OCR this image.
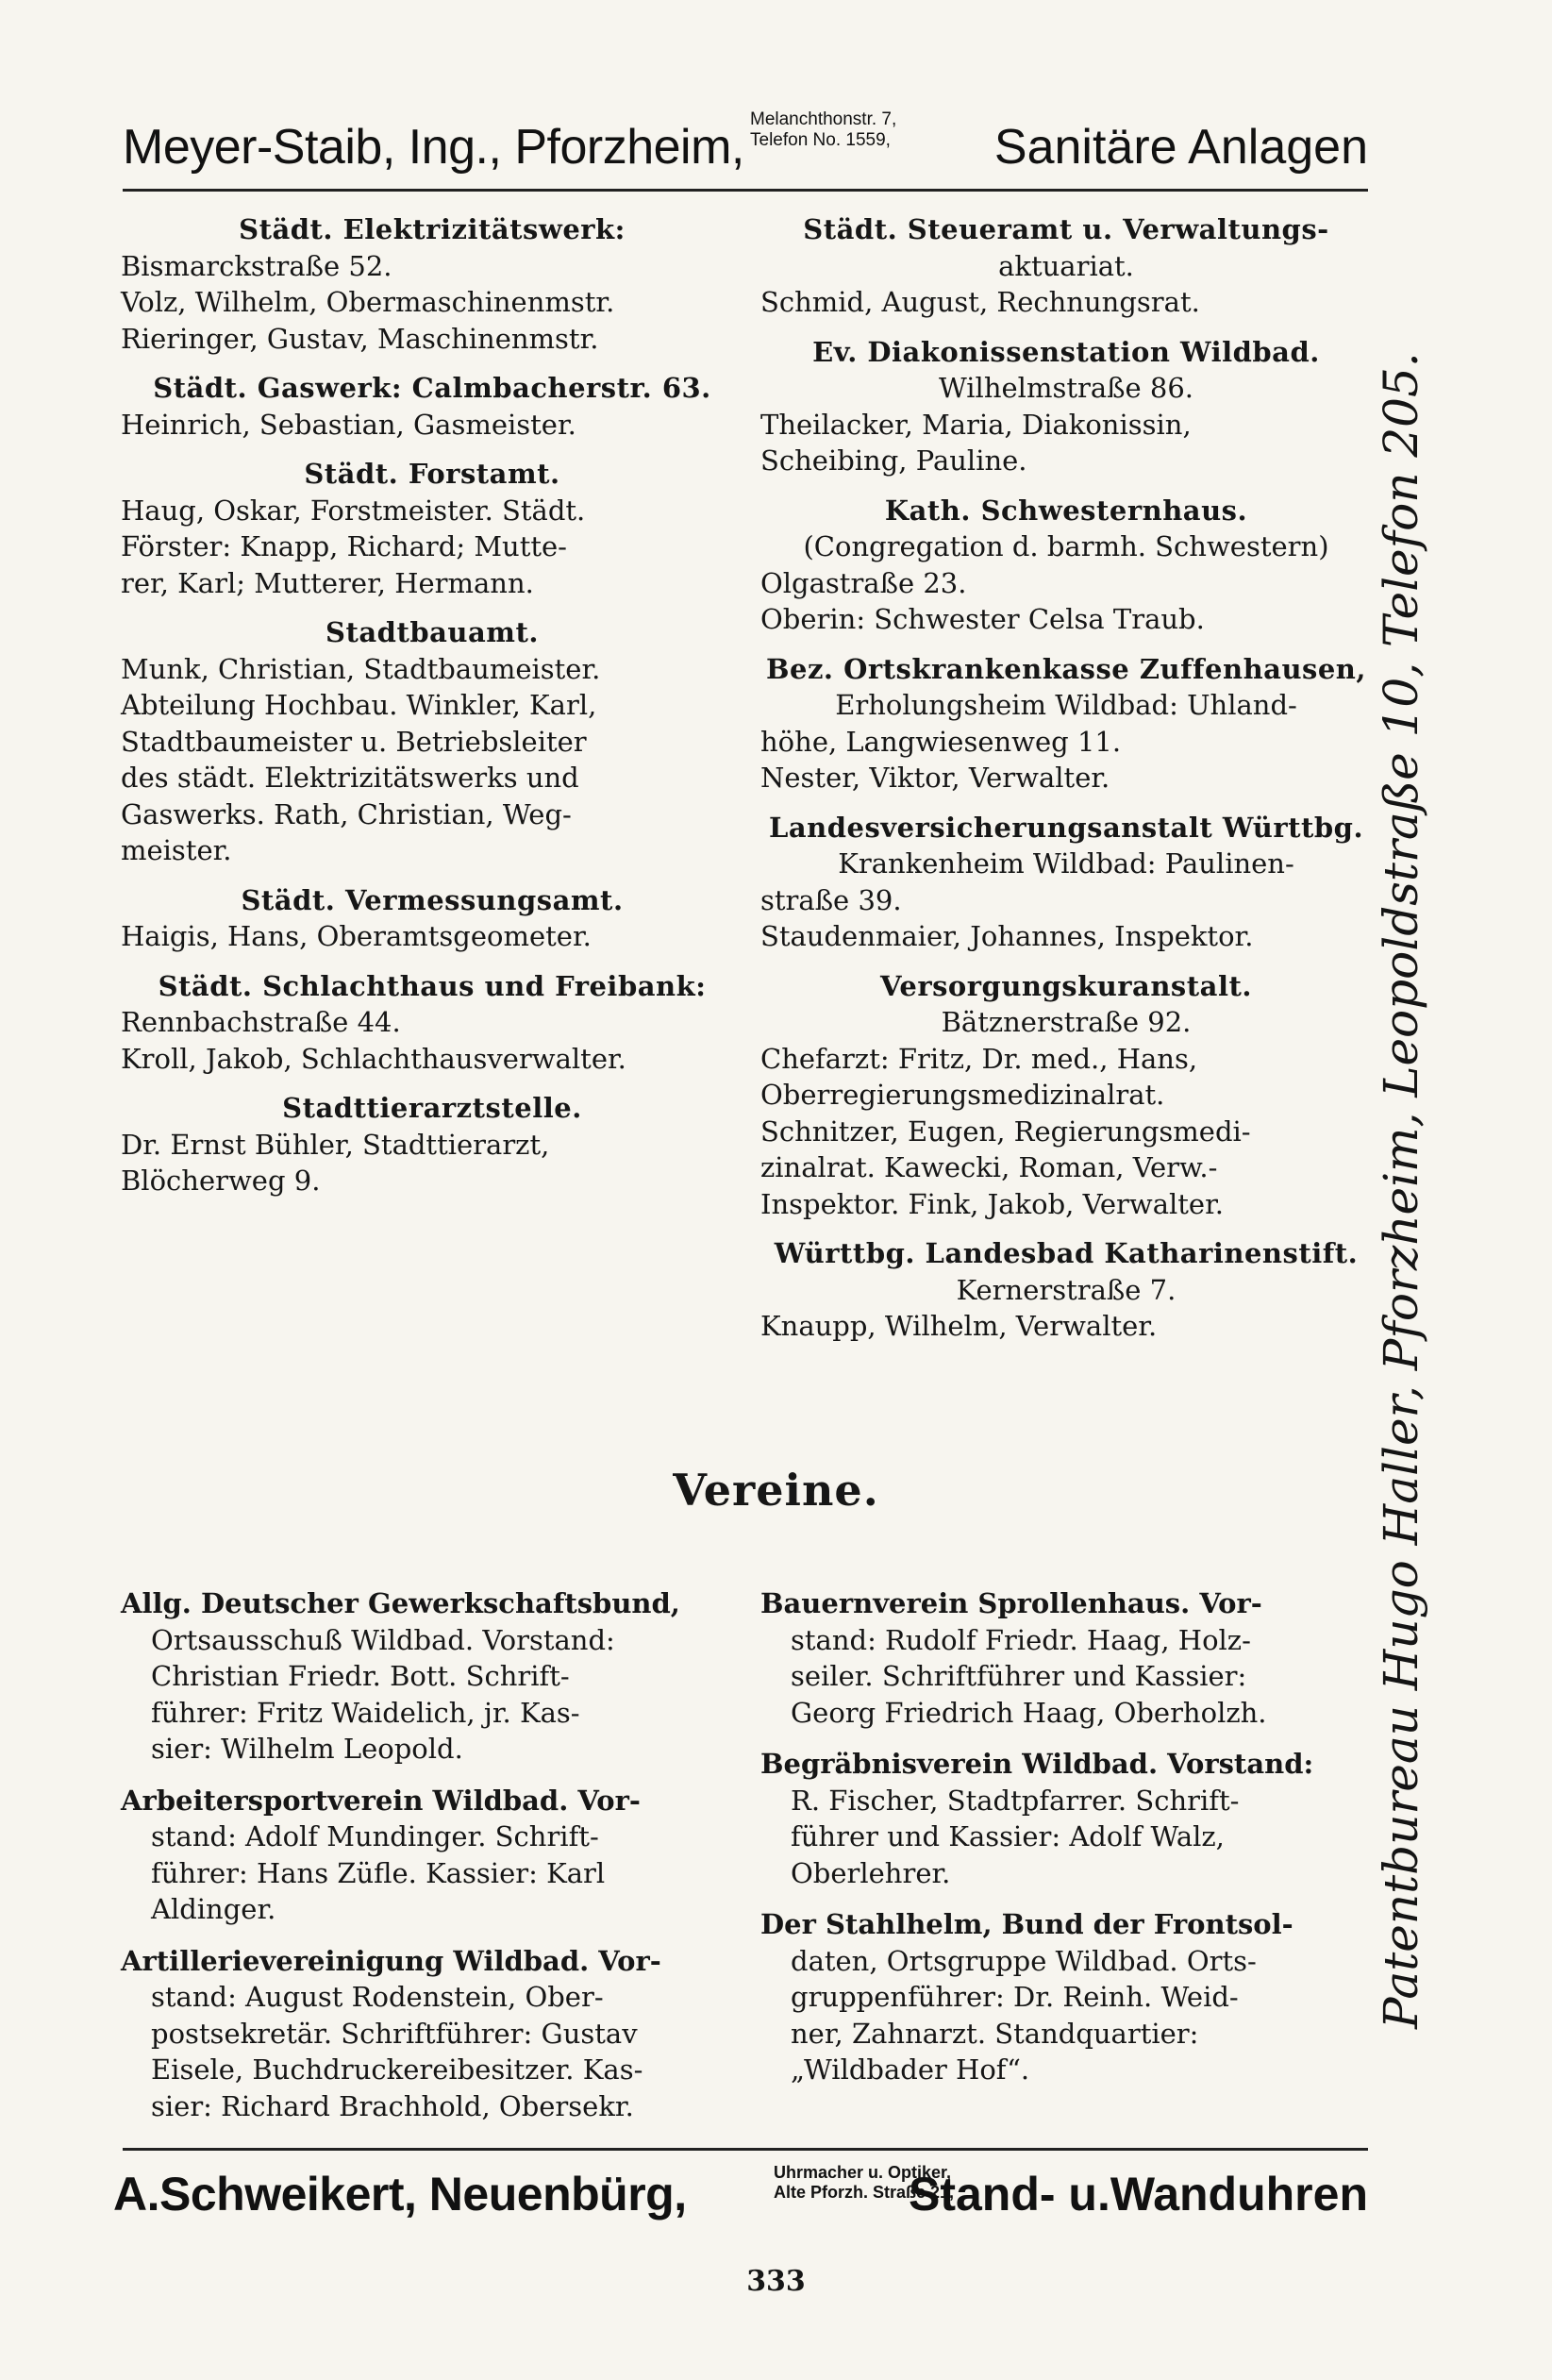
Meyer-Staib, Ing., Pforzheim,
Melanchthonstr. 7,
Telefon No. 1559, Sanitäre Anlagen
Städt. Elektrizitätswerk:
Bismarckstraße 52.
Volz, Wilhelm, Obermaschinenmstr.
Rieringer, Gustav, Maschinenmstr.
Städt. Gaswerk: Calmbacherstr. 63.
Heinrich, Sebastian, Gasmeister.
Städt. Forstamt.
Haug, Oskar, Forstmeister. Städt.
Förster: Knapp, Richard; Mutte-
rer, Karl; Mutterer, Hermann.
Stadtbauamt.
Munk, Christian, Stadtbaumeister.
Abteilung Hochbau. Winkler, Karl,
Stadtbaumeister u. Betriebsleiter
des städt. Elektrizitätswerks und
Gaswerks. Rath, Christian, Weg-
meister.
Städt. Vermessungsamt.
Haigis, Hans, Oberamtsgeometer.
Städt. Schlachthaus und Freibank:
Rennbachstraße 44.
Kroll, Jakob, Schlachthausverwalter.
Stadttierarztstelle.
Dr. Ernst Bühler, Stadttierarzt,
Blöcherweg 9.
Städt. Steueramt u. Verwaltungs-
aktuariat.
Schmid, August, Rechnungsrat.
Ev. Diakonissenstation Wildbad.
Wilhelmstraße 86.
Theilacker, Maria, Diakonissin,
Scheibing, Pauline.
Kath. Schwesternhaus.
(Congregation d. barmh. Schwestern)
Olgastraße 23.
Oberin: Schwester Celsa Traub.
Bez. Ortskrankenkasse Zuffenhausen,
Erholungsheim Wildbad: Uhland-
höhe, Langwiesenweg 11.
Nester, Viktor, Verwalter.
Landesversicherungsanstalt Württbg.
Krankenheim Wildbad: Paulinen-
straße 39.
Staudenmaier, Johannes, Inspektor.
Versorgungskuranstalt.
Bätznerstraße 92.
Chefarzt: Fritz, Dr. med., Hans,
Oberregierungsmedizinalrat.
Schnitzer, Eugen, Regierungsmedi-
zinalrat. Kawecki, Roman, Verw.-
Inspektor. Fink, Jakob, Verwalter.
Württbg. Landesbad Katharinenstift.
Kernerstraße 7.
Knaupp, Wilhelm, Verwalter.
Vereine.
Allg. Deutscher Gewerkschaftsbund,
Ortsausschuß Wildbad. Vorstand:
Christian Friedr. Bott. Schrift-
führer: Fritz Waidelich, jr. Kas-
sier: Wilhelm Leopold.
Arbeitersportverein Wildbad. Vor-
stand: Adolf Mundinger. Schrift-
führer: Hans Züfle. Kassier: Karl
Aldinger.
Artillerievereinigung Wildbad. Vor-
stand: August Rodenstein, Ober-
postsekretär. Schriftführer: Gustav
Eisele, Buchdruckereibesitzer. Kas-
sier: Richard Brachhold, Obersekr.
Bauernverein Sprollenhaus. Vor-
stand: Rudolf Friedr. Haag, Holz-
seiler. Schriftführer und Kassier:
Georg Friedrich Haag, Oberholzh.
Begräbnisverein Wildbad. Vorstand:
R. Fischer, Stadtpfarrer. Schrift-
führer und Kassier: Adolf Walz,
Oberlehrer.
Der Stahlhelm, Bund der Frontsol-
daten, Ortsgruppe Wildbad. Orts-
gruppenführer: Dr. Reinh. Weid-
ner, Zahnarzt. Standquartier:
„Wildbader Hof“.
Patentbureau Hugo Haller, Pforzheim, Leopoldstraße 10, Telefon 205.
A.Schweikert, Neuenbürg,	Uhrmacher u. Optiker,
Alte Pforzh. Straße 21,
Stand- u.Wanduhren
333
